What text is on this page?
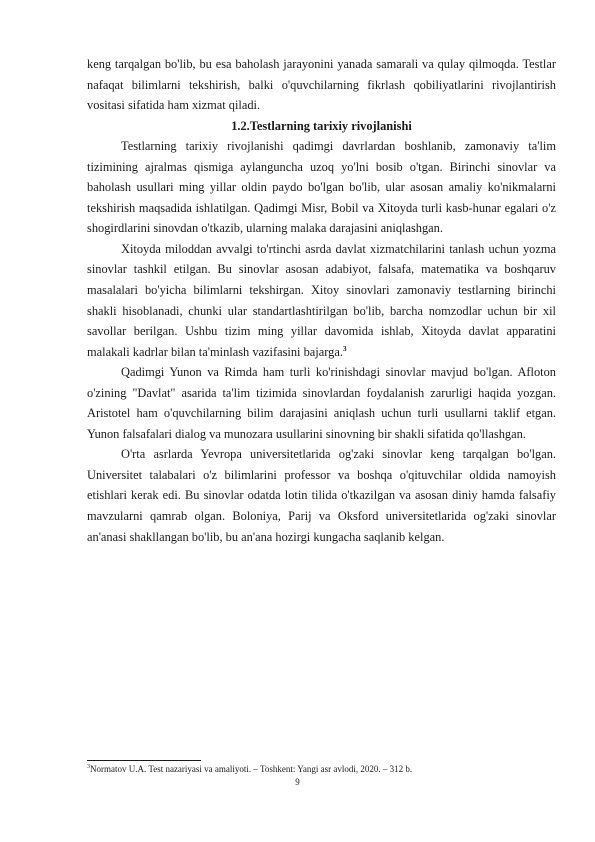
keng tarqalgan bo'lib, bu esa baholash jarayonini yanada samarali va qulay qilmoqda. Testlar nafaqat bilimlarni tekshirish, balki o'quvchilarning fikrlash qobiliyatlarini rivojlantirish vositasi sifatida ham xizmat qiladi.

1.2.Testlarning tarixiy rivojlanishi

Testlarning tarixiy rivojlanishi qadimgi davrlardan boshlanib, zamonaviy ta'lim tizimining ajralmas qismiga aylanguncha uzoq yo'lni bosib o'tgan. Birinchi sinovlar va baholash usullari ming yillar oldin paydo bo'lgan bo'lib, ular asosan amaliy ko'nikmalarni tekshirish maqsadida ishlatilgan. Qadimgi Misr, Bobil va Xitoyda turli kasb-hunar egalari o'z shogirdlarini sinovdan o'tkazib, ularning malaka darajasini aniqlashgan.

Xitoyda miloddan avvalgi to'rtinchi asrda davlat xizmatchilarini tanlash uchun yozma sinovlar tashkil etilgan. Bu sinovlar asosan adabiyot, falsafa, matematika va boshqaruv masalalari bo'yicha bilimlarni tekshirgan. Xitoy sinovlari zamonaviy testlarning birinchi shakli hisoblanadi, chunki ular standartlashtirilgan bo'lib, barcha nomzodlar uchun bir xil savollar berilgan. Ushbu tizim ming yillar davomida ishlab, Xitoyda davlat apparatini malakali kadrlar bilan ta'minlash vazifasini bajarga.$^3$

Qadimgi Yunon va Rimda ham turli ko'rinishdagi sinovlar mavjud bo'lgan. Afloton o'zining "Davlat" asarida ta'lim tizimida sinovlardan foydalanish zarurligi haqida yozgan. Aristotel ham o'quvchilarning bilim darajasini aniqlash uchun turli usullarni taklif etgan. Yunon falsafalari dialog va munozara usullarini sinovning bir shakli sifatida qo'llashgan.

O'rta asrlarda Yevropa universitetlarida og'zaki sinovlar keng tarqalgan bo'lgan. Universitet talabalari o'z bilimlarini professor va boshqa o'qituvchilar oldida namoyish etishlari kerak edi. Bu sinovlar odatda lotin tilida o'tkazilgan va asosan diniy hamda falsafiy mavzularni qamrab olgan. Boloniya, Parij va Oksford universitetlarida og'zaki sinovlar an'anasi shakllangan bo'lib, bu an'ana hozirgi kungacha saqlanib kelgan.

$^3$Normatov U.A. Test nazariyasi va amaliyoti. – Toshkent: Yangi asr avlodi, 2020. – 312 b.
9
